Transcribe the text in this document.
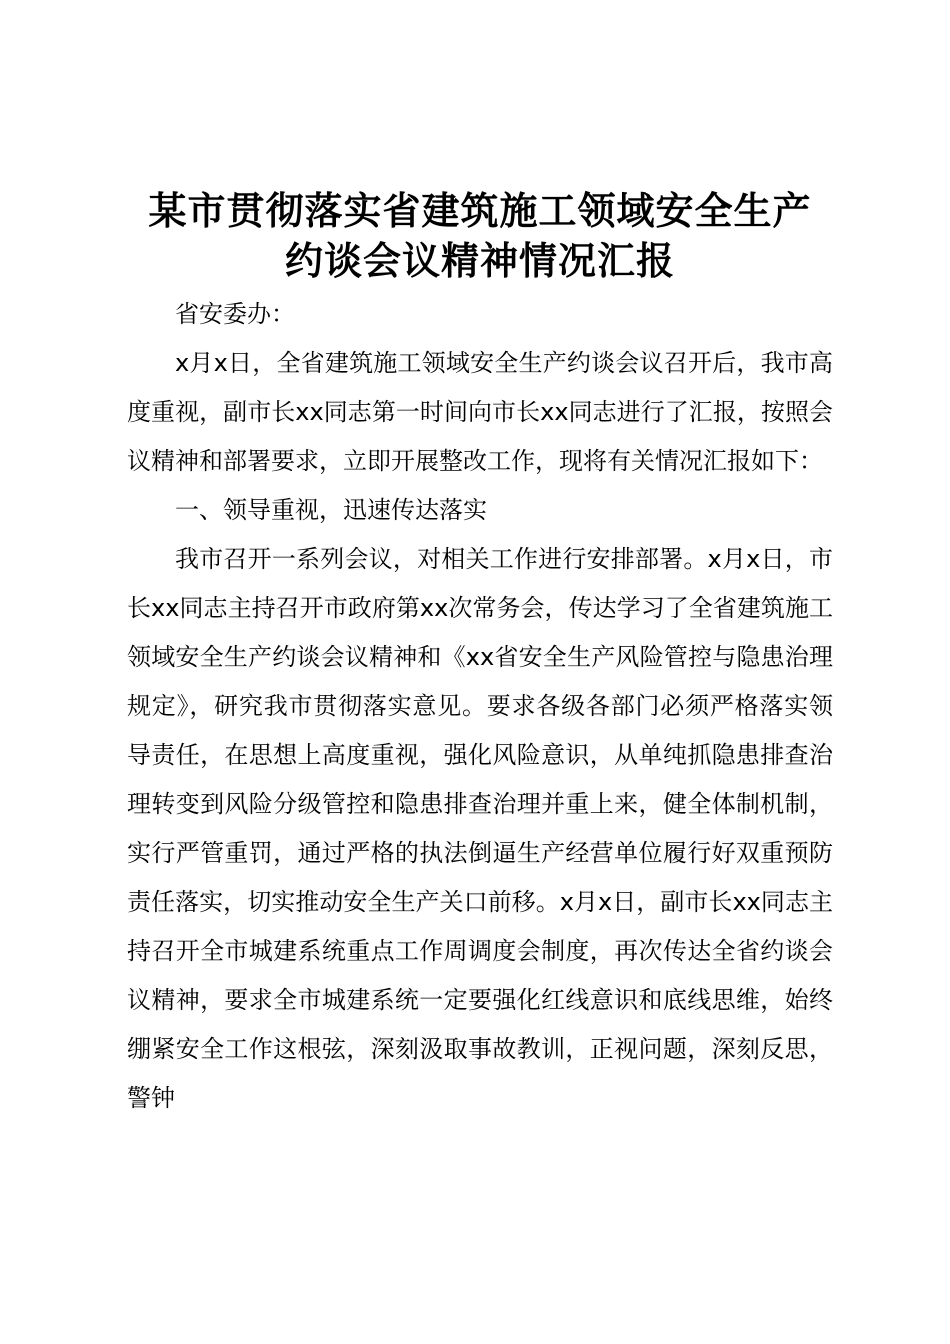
某市贯彻落实省建筑施工领域安全生产
约谈会议精神情况汇报

省安委办：

x月x日，全省建筑施工领域安全生产约谈会议召开后，我市高度重视，副市长xx同志第一时间向市长xx同志进行了汇报，按照会议精神和部署要求，立即开展整改工作，现将有关情况汇报如下：

一、领导重视，迅速传达落实

我市召开一系列会议，对相关工作进行安排部署。x月x日，市长xx同志主持召开市政府第xx次常务会，传达学习了全省建筑施工领域安全生产约谈会议精神和《xx省安全生产风险管控与隐患治理规定》，研究我市贯彻落实意见。要求各级各部门必须严格落实领导责任，在思想上高度重视，强化风险意识，从单纯抓隐患排查治理转变到风险分级管控和隐患排查治理并重上来，健全体制机制，实行严管重罚，通过严格的执法倒逼生产经营单位履行好双重预防责任落实，切实推动安全生产关口前移。x月x日，副市长xx同志主持召开全市城建系统重点工作周调度会制度，再次传达全省约谈会议精神，要求全市城建系统一定要强化红线意识和底线思维，始终绷紧安全工作这根弦，深刻汲取事故教训，正视问题，深刻反思，警钟
